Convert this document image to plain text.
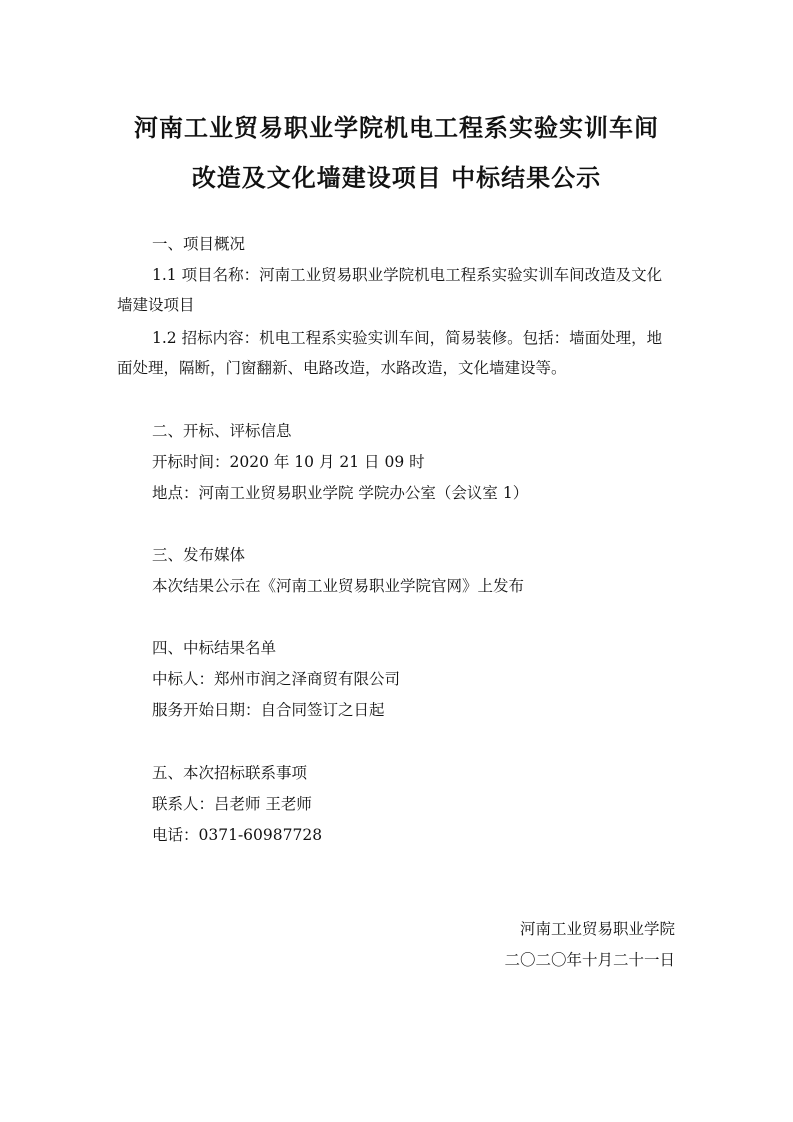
河南工业贸易职业学院机电工程系实验实训车间
改造及文化墙建设项目 中标结果公示
一、项目概况
1.1 项目名称：河南工业贸易职业学院机电工程系实验实训车间改造及文化
墙建设项目
1.2 招标内容：机电工程系实验实训车间，简易装修。包括：墙面处理，地
面处理，隔断，门窗翻新、电路改造，水路改造，文化墙建设等。
二、开标、评标信息
开标时间：2020 年 10 月 21 日 09 时
地点：河南工业贸易职业学院 学院办公室（会议室 1）
三、发布媒体
本次结果公示在《河南工业贸易职业学院官网》上发布
四、中标结果名单
中标人：郑州市润之泽商贸有限公司
服务开始日期：自合同签订之日起
五、本次招标联系事项
联系人：吕老师 王老师
电话：0371-60987728
河南工业贸易职业学院
二〇二〇年十月二十一日
